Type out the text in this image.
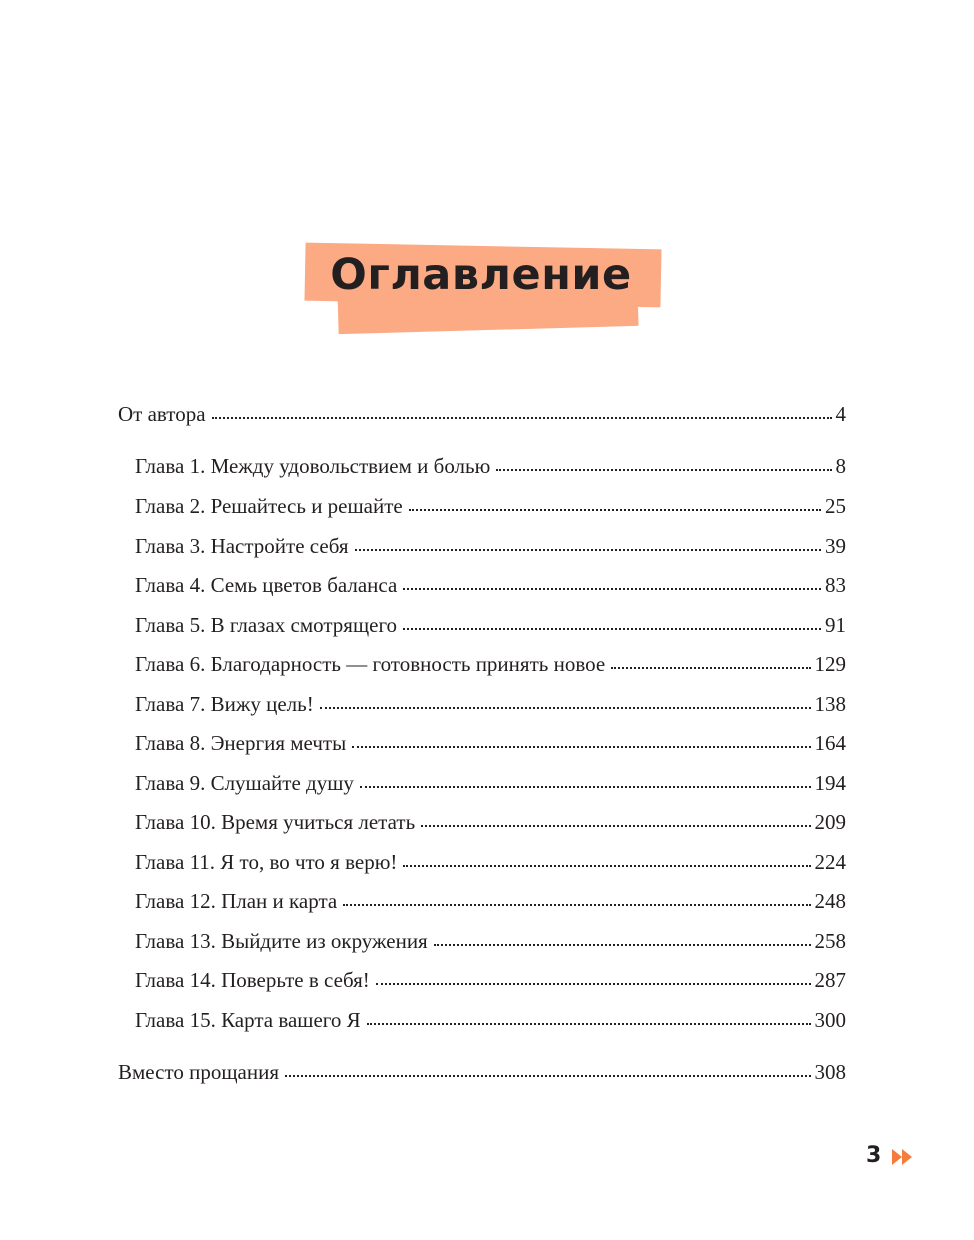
Оглавление
От автора	4
Глава 1. Между удовольствием и болью	8
Глава 2. Решайтесь и решайте	25
Глава 3. Настройте себя	39
Глава 4. Семь цветов баланса	83
Глава 5. В глазах смотрящего	91
Глава 6. Благодарность — готовность принять новое	129
Глава 7. Вижу цель!	138
Глава 8. Энергия мечты	164
Глава 9. Слушайте душу	194
Глава 10. Время учиться летать	209
Глава 11. Я то, во что я верю!	224
Глава 12. План и карта	248
Глава 13. Выйдите из окружения	258
Глава 14. Поверьте в себя!	287
Глава 15. Карта вашего Я	300
Вместо прощания	308
3
